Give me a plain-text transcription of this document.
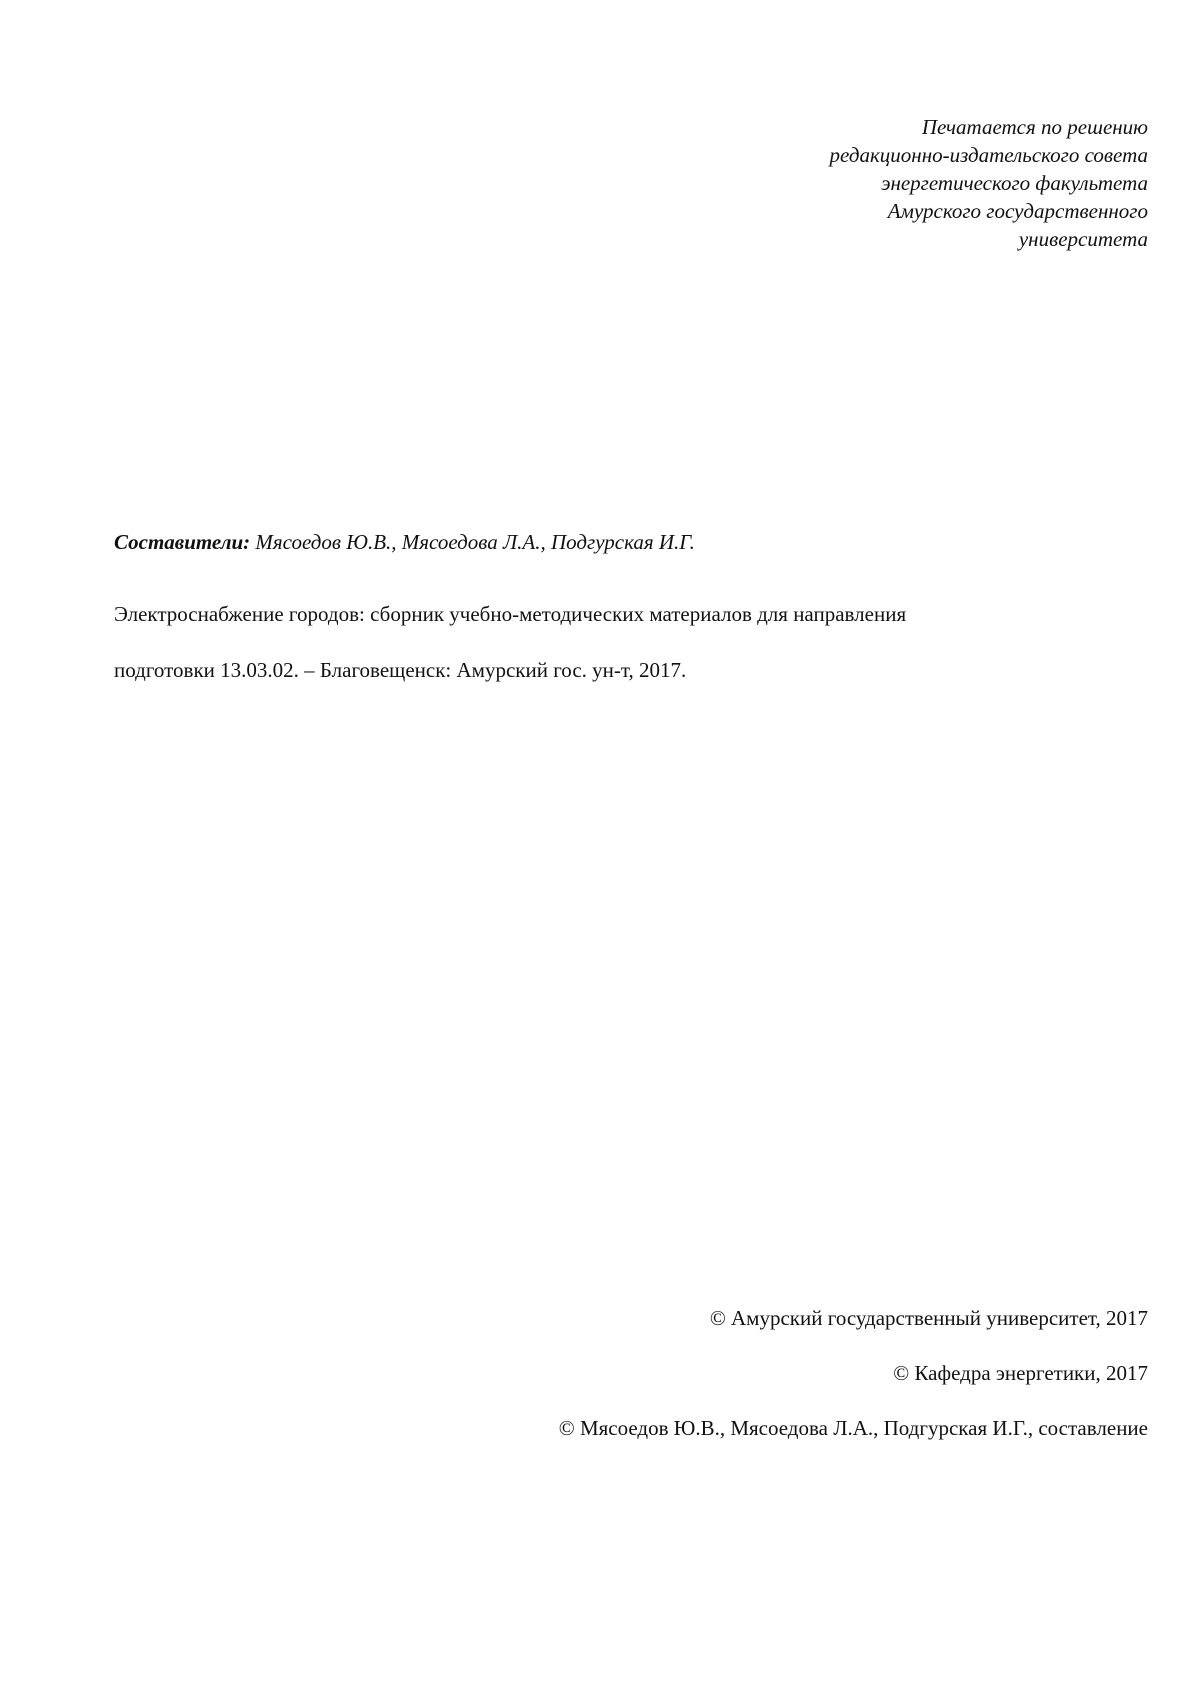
Печатается по решению
редакционно-издательского совета
энергетического факультета
Амурского государственного
университета
Составители: Мясоедов Ю.В., Мясоедова Л.А., Подгурская И.Г.
Электроснабжение городов: сборник учебно-методических материалов для направления
подготовки 13.03.02. – Благовещенск: Амурский гос. ун-т, 2017.
© Амурский государственный университет, 2017
© Кафедра энергетики, 2017
© Мясоедов Ю.В., Мясоедова Л.А., Подгурская И.Г., составление
